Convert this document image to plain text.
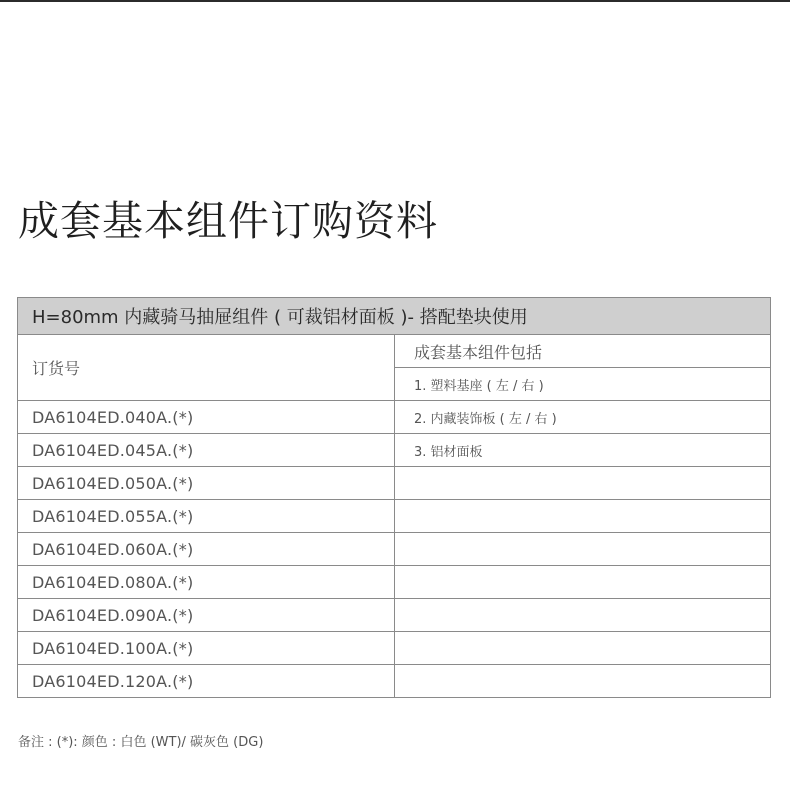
成套基本组件订购资料
H=80mm 内藏骑马抽屉组件 ( 可裁铝材面板 )- 搭配垫块使用	
订货号	成套基本组件包括
	1. 塑料基座 ( 左 / 右 )
DA6104ED.040A.(*)	2. 内藏装饰板 ( 左 / 右 )
DA6104ED.045A.(*)	3. 铝材面板
DA6104ED.050A.(*)	
DA6104ED.055A.(*)	
DA6104ED.060A.(*)	
DA6104ED.080A.(*)	
DA6104ED.090A.(*)	
DA6104ED.100A.(*)	
DA6104ED.120A.(*)	
备注 : (*): 颜色 : 白色 (WT)/ 碳灰色 (DG)
